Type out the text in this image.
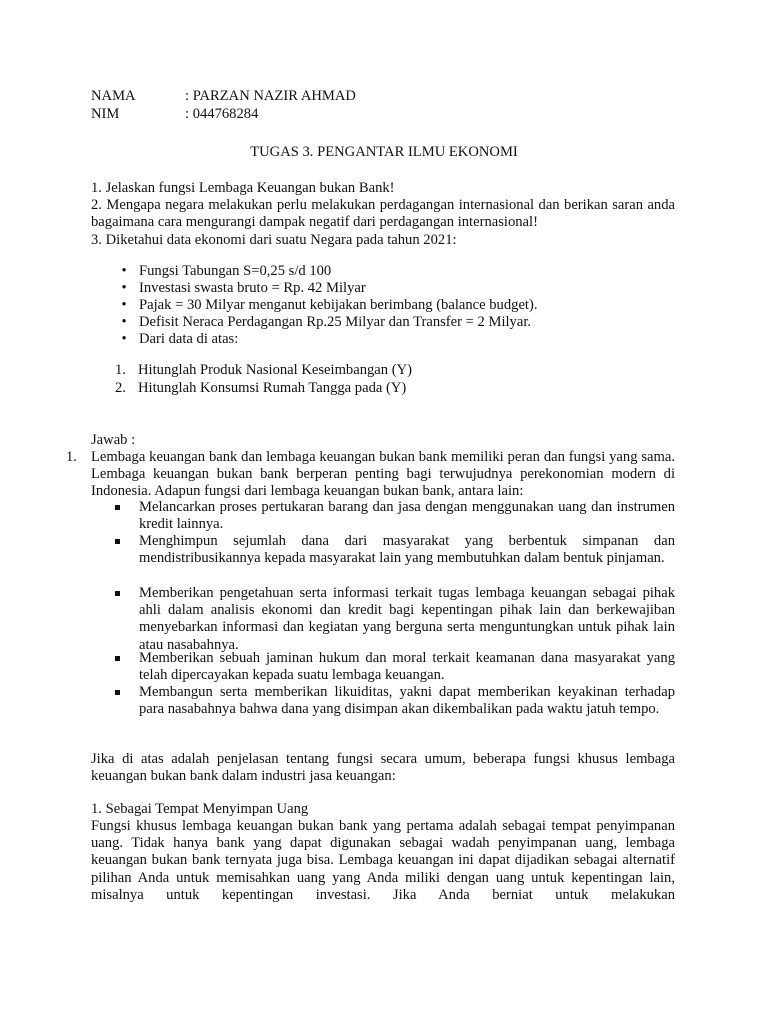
NAMA	: PARZAN NAZIR AHMAD
NIM	: 044768284
TUGAS 3. PENGANTAR ILMU EKONOMI
1. Jelaskan fungsi Lembaga Keuangan bukan Bank!
2. Mengapa negara melakukan perlu melakukan perdagangan internasional dan berikan saran anda bagaimana cara mengurangi dampak negatif dari perdagangan internasional!
3. Diketahui data ekonomi dari suatu Negara pada tahun 2021:
• Fungsi Tabungan S=0,25 s/d 100
• Investasi swasta bruto = Rp. 42 Milyar
• Pajak = 30 Milyar menganut kebijakan berimbang (balance budget).
• Defisit Neraca Perdagangan Rp.25 Milyar dan Transfer = 2 Milyar.
• Dari data di atas:
1. Hitunglah Produk Nasional Keseimbangan (Y)
2. Hitunglah Konsumsi Rumah Tangga pada (Y)
Jawab :
1. Lembaga keuangan bank dan lembaga keuangan bukan bank memiliki peran dan fungsi yang sama. Lembaga keuangan bukan bank berperan penting bagi terwujudnya perekonomian modern di Indonesia. Adapun fungsi dari lembaga keuangan bukan bank, antara lain:
Melancarkan proses pertukaran barang dan jasa dengan menggunakan uang dan instrumen kredit lainnya.
Menghimpun sejumlah dana dari masyarakat yang berbentuk simpanan dan mendistribusikannya kepada masyarakat lain yang membutuhkan dalam bentuk pinjaman.
Memberikan pengetahuan serta informasi terkait tugas lembaga keuangan sebagai pihak ahli dalam analisis ekonomi dan kredit bagi kepentingan pihak lain dan berkewajiban menyebarkan informasi dan kegiatan yang berguna serta menguntungkan untuk pihak lain atau nasabahnya.
Memberikan sebuah jaminan hukum dan moral terkait keamanan dana masyarakat yang telah dipercayakan kepada suatu lembaga keuangan.
Membangun serta memberikan likuiditas, yakni dapat memberikan keyakinan terhadap para nasabahnya bahwa dana yang disimpan akan dikembalikan pada waktu jatuh tempo.
Jika di atas adalah penjelasan tentang fungsi secara umum, beberapa fungsi khusus lembaga keuangan bukan bank dalam industri jasa keuangan:
1. Sebagai Tempat Menyimpan Uang
Fungsi khusus lembaga keuangan bukan bank yang pertama adalah sebagai tempat penyimpanan uang. Tidak hanya bank yang dapat digunakan sebagai wadah penyimpanan uang, lembaga keuangan bukan bank ternyata juga bisa. Lembaga keuangan ini dapat dijadikan sebagai alternatif pilihan Anda untuk memisahkan uang yang Anda miliki dengan uang untuk kepentingan lain, misalnya untuk kepentingan investasi. Jika Anda berniat untuk melakukan
